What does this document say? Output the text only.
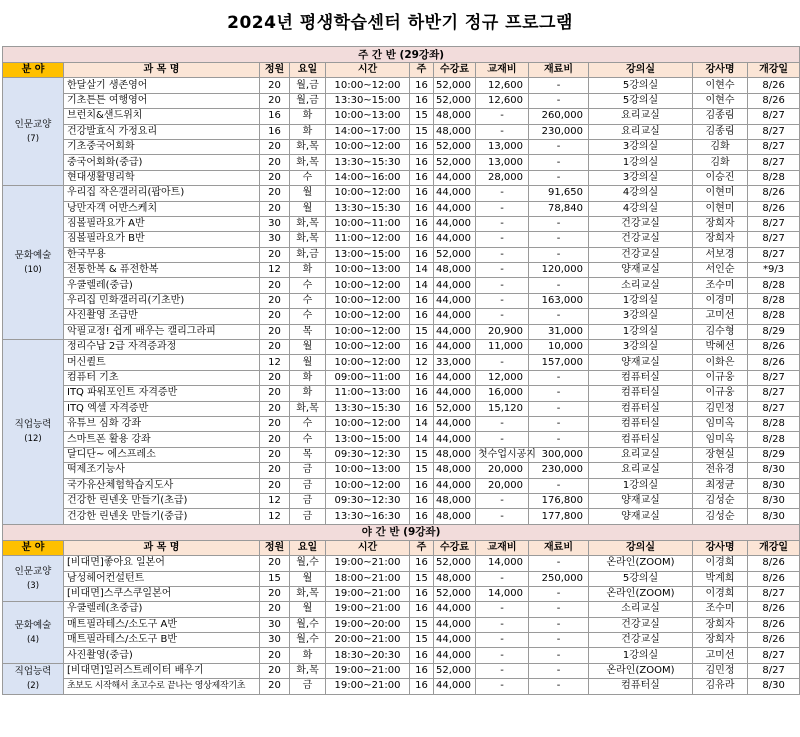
2024년 평생학습센터 하반기 정규 프로그램
주 간 반 (29강좌)											
분 야	과 목 명	정원	요일	시간	주	수강료	교재비	재료비	강의실	강사명	개강일
인문교양
(7)	한달살기 생존영어	20	월,금	10:00~12:00	16	52,000	12,600	-	5강의실	이현수	8/26
	기초튼튼 여행영어	20	월,금	13:30~15:00	16	52,000	12,600	-	5강의실	이현수	8/26
	브런치&샌드위치	16	화	10:00~13:00	15	48,000	-	260,000	요리교실	김종림	8/27
	건강발효식 가정요리	16	화	14:00~17:00	15	48,000	-	230,000	요리교실	김종림	8/27
	기초중국어회화	20	화,목	10:00~12:00	16	52,000	13,000	-	3강의실	김화	8/27
	중국어회화(중급)	20	화,목	13:30~15:30	16	52,000	13,000	-	1강의실	김화	8/27
	현대생활명리학	20	수	14:00~16:00	16	44,000	28,000	-	3강의실	이승진	8/28
문화예술
(10)	우리집 작은갤러리(팝아트)	20	월	10:00~12:00	16	44,000	-	91,650	4강의실	이현미	8/26
	낭만자객 어반스케치	20	월	13:30~15:30	16	44,000	-	78,840	4강의실	이현미	8/26
	짐볼필라요가 A반	30	화,목	10:00~11:00	16	44,000	-	-	건강교실	장희자	8/27
	짐볼필라요가 B반	30	화,목	11:00~12:00	16	44,000	-	-	건강교실	장희자	8/27
	한국무용	20	화,금	13:00~15:00	16	52,000	-	-	건강교실	서보경	8/27
	전통한복 & 퓨전한복	12	화	10:00~13:00	14	48,000	-	120,000	양재교실	서인순	*9/3
	우쿨렐레(중급)	20	수	10:00~12:00	14	44,000	-	-	소리교실	조수미	8/28
	우리집 민화갤러리(기초반)	20	수	10:00~12:00	16	44,000	-	163,000	1강의실	이경미	8/28
	사진촬영 조급반	20	수	10:00~12:00	16	44,000	-	-	3강의실	고미선	8/28
	악필교정! 쉽게 배우는 캘리그라피	20	목	10:00~12:00	15	44,000	20,900	31,000	1강의실	김수형	8/29
직업능력
(12)	정리수납 2급 자격증과정	20	월	10:00~12:00	16	44,000	11,000	10,000	3강의실	박혜선	8/26
	머신퀼트	12	월	10:00~12:00	12	33,000	-	157,000	양재교실	이화은	8/26
	컴퓨터 기초	20	화	09:00~11:00	16	44,000	12,000	-	컴퓨터실	이규웅	8/27
	ITQ 파워포인트 자격증반	20	화	11:00~13:00	16	44,000	16,000	-	컴퓨터실	이규웅	8/27
	ITQ 엑셀 자격증반	20	화,목	13:30~15:30	16	52,000	15,120	-	컴퓨터실	김민정	8/27
	유튜브 심화 강좌	20	수	10:00~12:00	14	44,000	-	-	컴퓨터실	임미옥	8/28
	스마트폰 활용 강좌	20	수	13:00~15:00	14	44,000	-	-	컴퓨터실	임미옥	8/28
	달디단~ 에스프레소	20	목	09:30~12:30	15	48,000	첫수업시공지	300,000	요리교실	장현실	8/29
	떡제조기능사	20	금	10:00~13:00	15	48,000	20,000	230,000	요리교실	전유경	8/30
	국가유산체험학습지도사	20	금	10:00~12:00	16	44,000	20,000	-	1강의실	최정균	8/30
	건강한 린넨옷 만들기(초급)	12	금	09:30~12:30	16	48,000	-	176,800	양재교실	김성순	8/30
	건강한 린넨옷 만들기(중급)	12	금	13:30~16:30	16	48,000	-	177,800	양재교실	김성순	8/30
야 간 반 (9강좌)											
분 야	과 목 명	정원	요일	시간	주	수강료	교재비	재료비	강의실	강사명	개강일
인문교양
(3)	[비대면]좋아요 일본어	20	월,수	19:00~21:00	16	52,000	14,000	-	온라인(ZOOM)	이경희	8/26
	남성헤어컨설턴트	15	월	18:00~21:00	15	48,000	-	250,000	5강의실	박계희	8/26
	[비대면]스쿠스쿠일본어	20	화,목	19:00~21:00	16	52,000	14,000	-	온라인(ZOOM)	이경희	8/27
문화예술
(4)	우쿨렐레(초중급)	20	월	19:00~21:00	16	44,000	-	-	소리교실	조수미	8/26
	매트필라테스/소도구 A반	30	월,수	19:00~20:00	15	44,000	-	-	건강교실	장희자	8/26
	매트필라테스/소도구 B반	30	월,수	20:00~21:00	15	44,000	-	-	건강교실	장희자	8/26
	사진촬영(중급)	20	화	18:30~20:30	16	44,000	-	-	1강의실	고미선	8/27
직업능력
(2)	[비대면]일러스트레이터 배우기	20	화,목	19:00~21:00	16	52,000	-	-	온라인(ZOOM)	김민정	8/27
	초보도 시작해서 초고수로 끝나는 영상제작기초	20	금	19:00~21:00	16	44,000	-	-	컴퓨터실	김유라	8/30
